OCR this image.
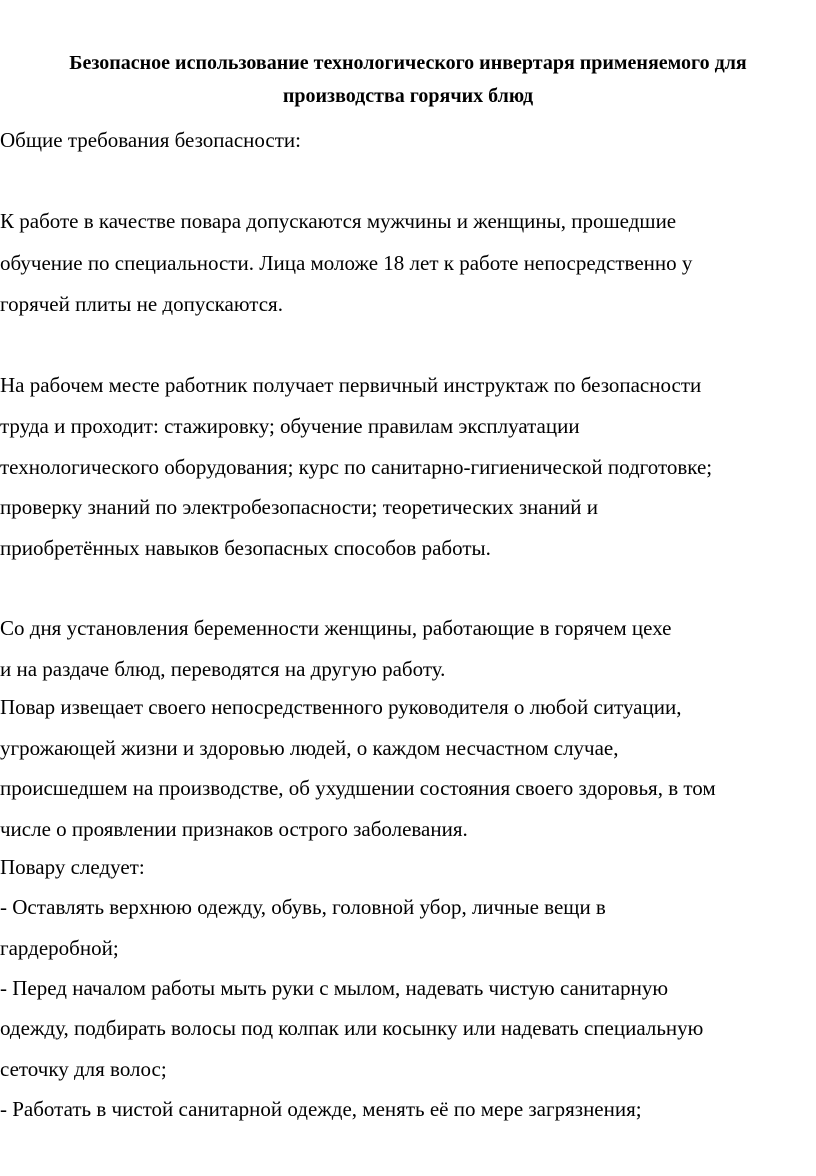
Безопасное использование технологического инвертаря применяемого для
производства горячих блюд
Общие требования безопасности:
К работе в качестве повара допускаются мужчины и женщины, прошедшие
обучение по специальности. Лица моложе 18 лет к работе непосредственно у
горячей плиты не допускаются.
На рабочем месте работник получает первичный инструктаж по безопасности
труда и проходит: стажировку; обучение правилам эксплуатации
технологического оборудования; курс по санитарно-гигиенической подготовке;
проверку знаний по электробезопасности; теоретических знаний и
приобретённых навыков безопасных способов работы.
Со дня установления беременности женщины, работающие в горячем цехе
и на раздаче блюд, переводятся на другую работу.
Повар извещает своего непосредственного руководителя о любой ситуации,
угрожающей жизни и здоровью людей, о каждом несчастном случае,
происшедшем на производстве, об ухудшении состояния своего здоровья, в том
числе о проявлении признаков острого заболевания.
Повару следует:
- Оставлять верхнюю одежду, обувь, головной убор, личные вещи в
гардеробной;
- Перед началом работы мыть руки с мылом, надевать чистую санитарную
одежду, подбирать волосы под колпак или косынку или надевать специальную
сеточку для волос;
- Работать в чистой санитарной одежде, менять её по мере загрязнения;
